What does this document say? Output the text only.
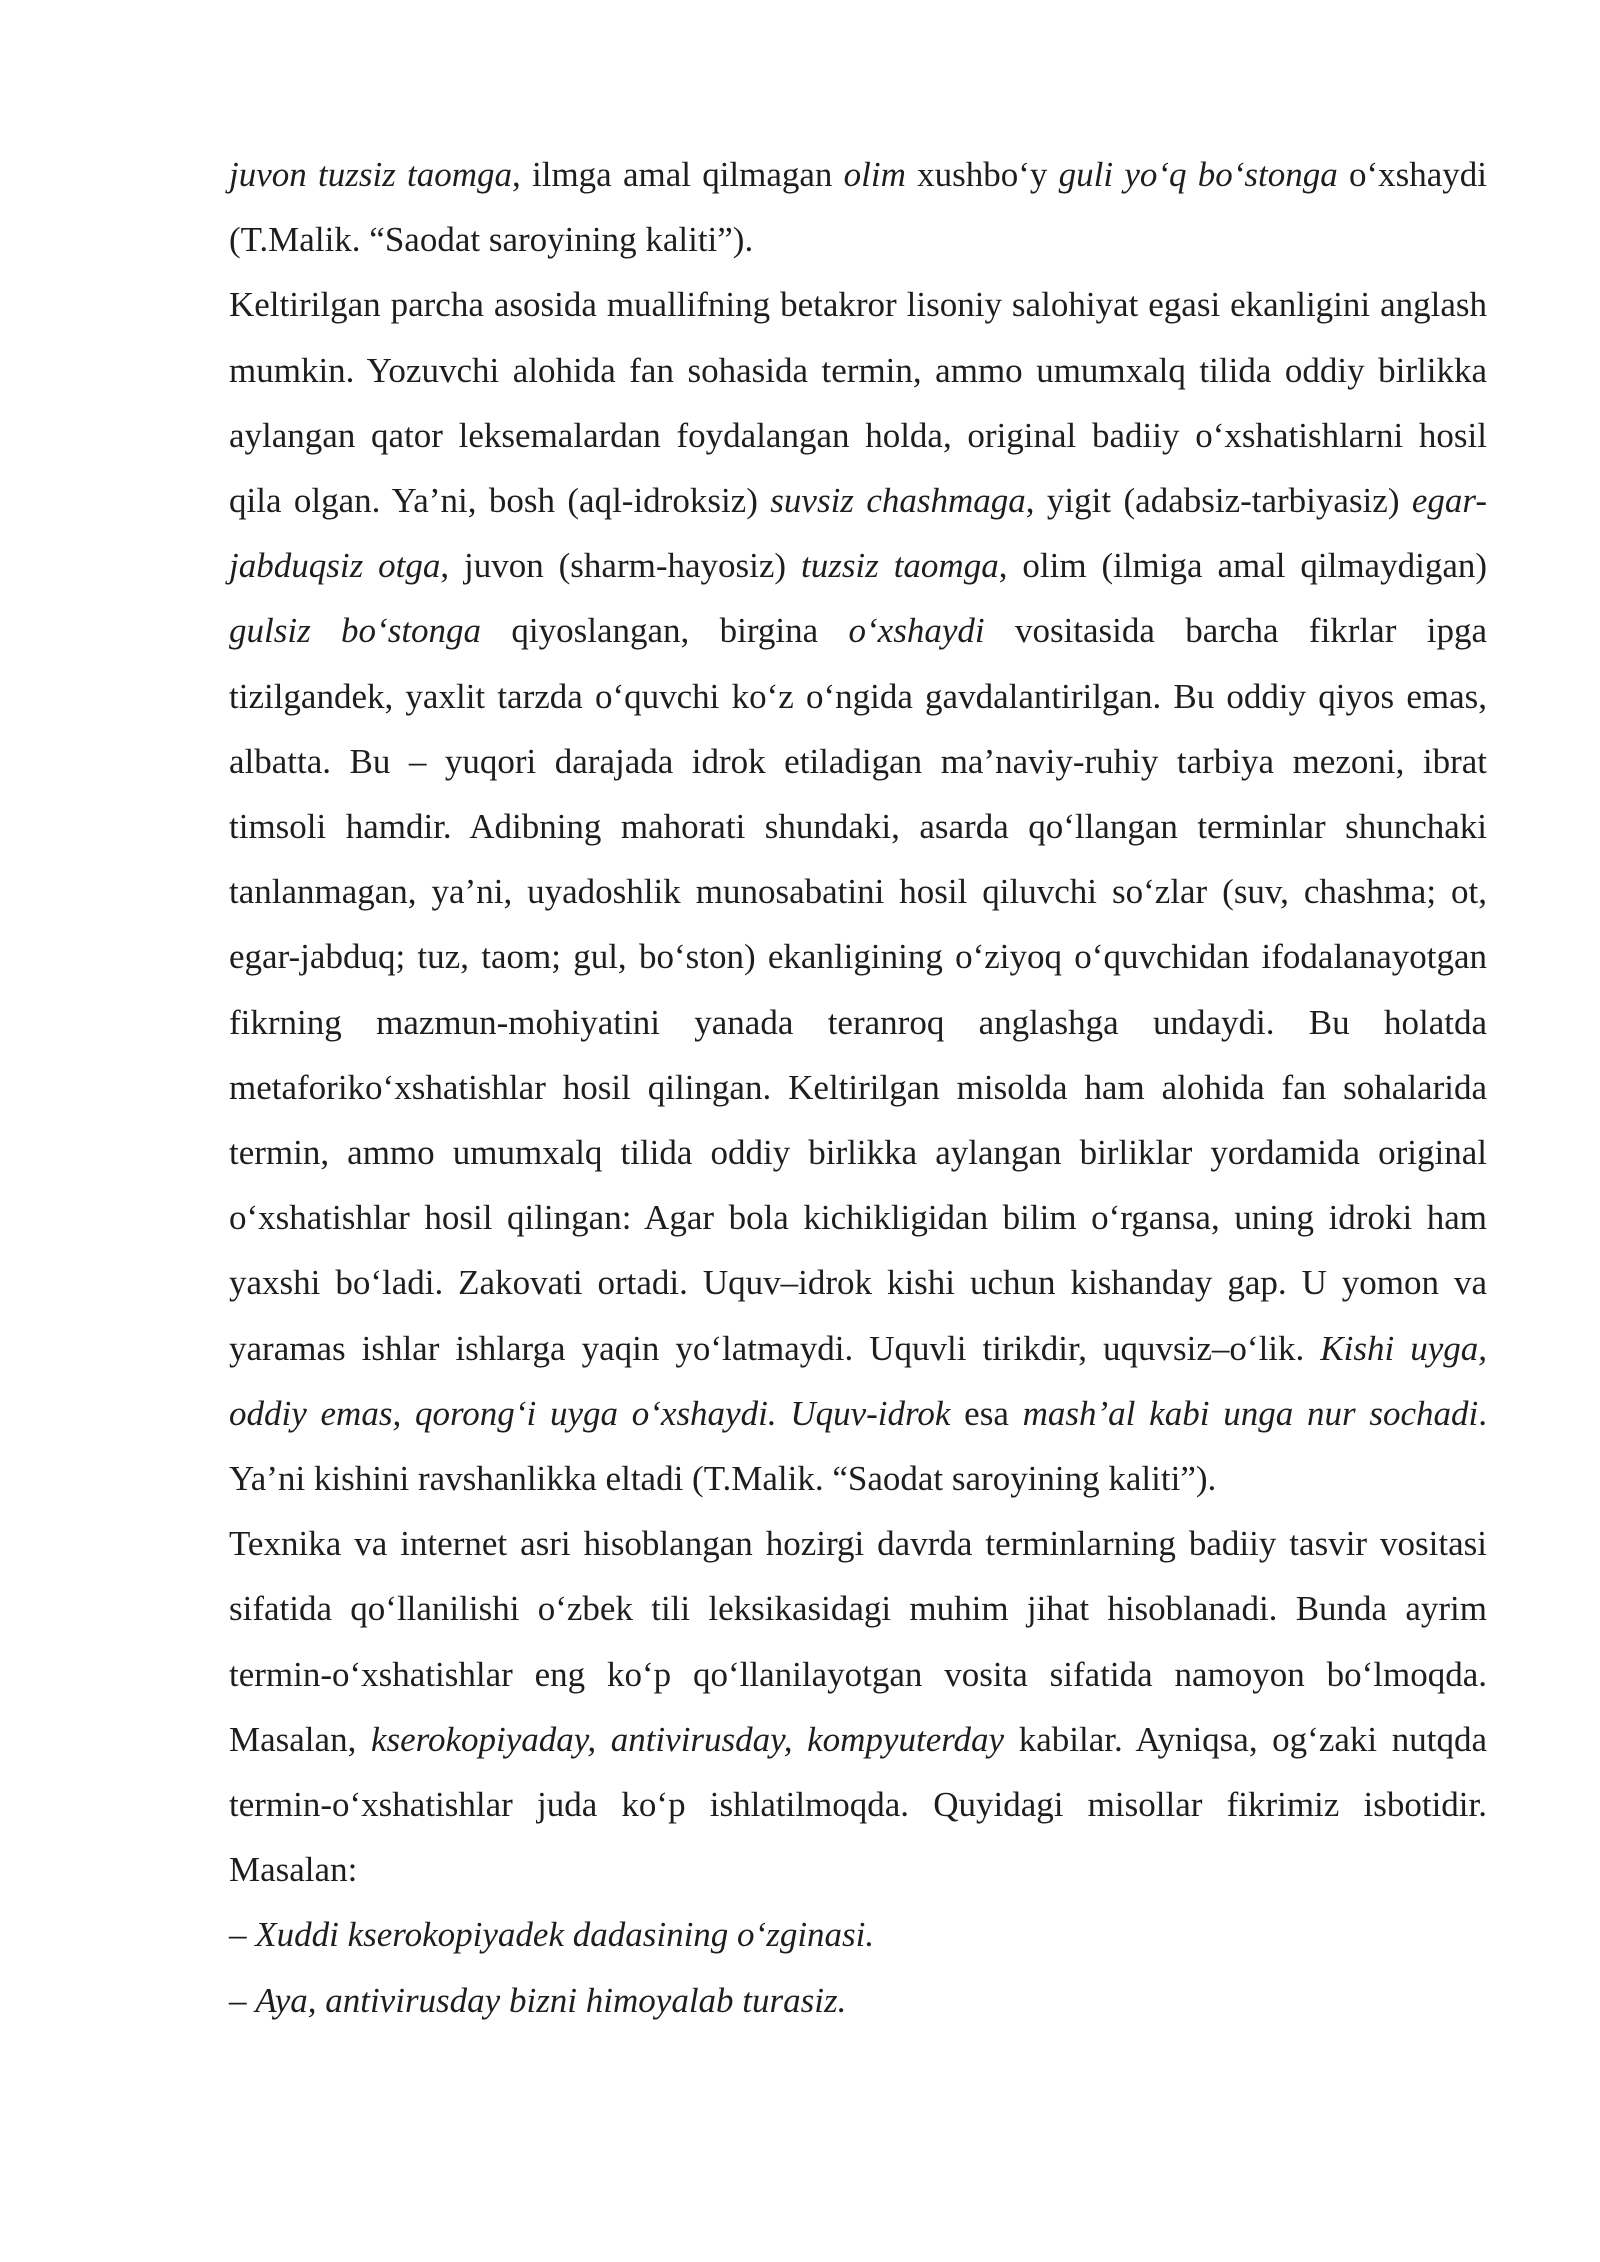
juvon tuzsiz taomga, ilmga amal qilmagan olim xushbo‘y guli yo‘q bo‘stonga o‘xshaydi (T.Malik. “Saodat saroyining kaliti”).

Keltirilgan parcha asosida muallifning betakror lisoniy salohiyat egasi ekanligini anglash mumkin. Yozuvchi alohida fan sohasida termin, ammo umumxalq tilida oddiy birlikka aylangan qator leksemalardan foydalangan holda, original badiiy o‘xshatishlarni hosil qila olgan. Ya’ni, bosh (aql-idroksiz) suvsiz chashmaga, yigit (adabsiz-tarbiyasiz) egar-jabduqsiz otga, juvon (sharm-hayosiz) tuzsiz taomga, olim (ilmiga amal qilmaydigan) gulsiz bo‘stonga qiyoslangan, birgina o‘xshaydi vositasida barcha fikrlar ipga tizilgandek, yaxlit tarzda o‘quvchi ko‘z o‘ngida gavdalantirilgan. Bu oddiy qiyos emas, albatta. Bu – yuqori darajada idrok etiladigan ma’naviy-ruhiy tarbiya mezoni, ibrat timsoli hamdir. Adibning mahorati shundaki, asarda qo‘llangan terminlar shunchaki tanlanmagan, ya’ni, uyadoshlik munosabatini hosil qiluvchi so‘zlar (suv, chashma; ot, egar-jabduq; tuz, taom; gul, bo‘ston) ekanligining o‘ziyoq o‘quvchidan ifodalanayotgan fikrning mazmun-mohiyatini yanada teranroq anglashga undaydi. Bu holatda metaforiko‘xshatishlar hosil qilingan. Keltirilgan misolda ham alohida fan sohalarida termin, ammo umumxalq tilida oddiy birlikka aylangan birliklar yordamida original o‘xshatishlar hosil qilingan: Agar bola kichikligidan bilim o‘rgansa, uning idroki ham yaxshi bo‘ladi. Zakovati ortadi. Uquv–idrok kishi uchun kishanday gap. U yomon va yaramas ishlar ishlarga yaqin yo‘latmaydi. Uquvli tirikdir, uquvsiz–o‘lik. Kishi uyga, oddiy emas, qorong‘i uyga o‘xshaydi. Uquv-idrok esa mash’al kabi unga nur sochadi. Ya’ni kishini ravshanlikka eltadi (T.Malik. “Saodat saroyining kaliti”).

Texnika va internet asri hisoblangan hozirgi davrda terminlarning badiiy tasvir vositasi sifatida qo‘llanilishi o‘zbek tili leksikasidagi muhim jihat hisoblanadi. Bunda ayrim termin-o‘xshatishlar eng ko‘p qo‘llanilayotgan vosita sifatida namoyon bo‘lmoqda. Masalan, kserokopiyaday, antivirusday, kompyuterday kabilar. Ayniqsa, og‘zaki nutqda termin-o‘xshatishlar juda ko‘p ishlatilmoqda. Quyidagi misollar fikrimiz isbotidir. Masalan:

– Xuddi kserokopiyadek dadasining o‘zginasi.

– Aya, antivirusday bizni himoyalab turasiz.
